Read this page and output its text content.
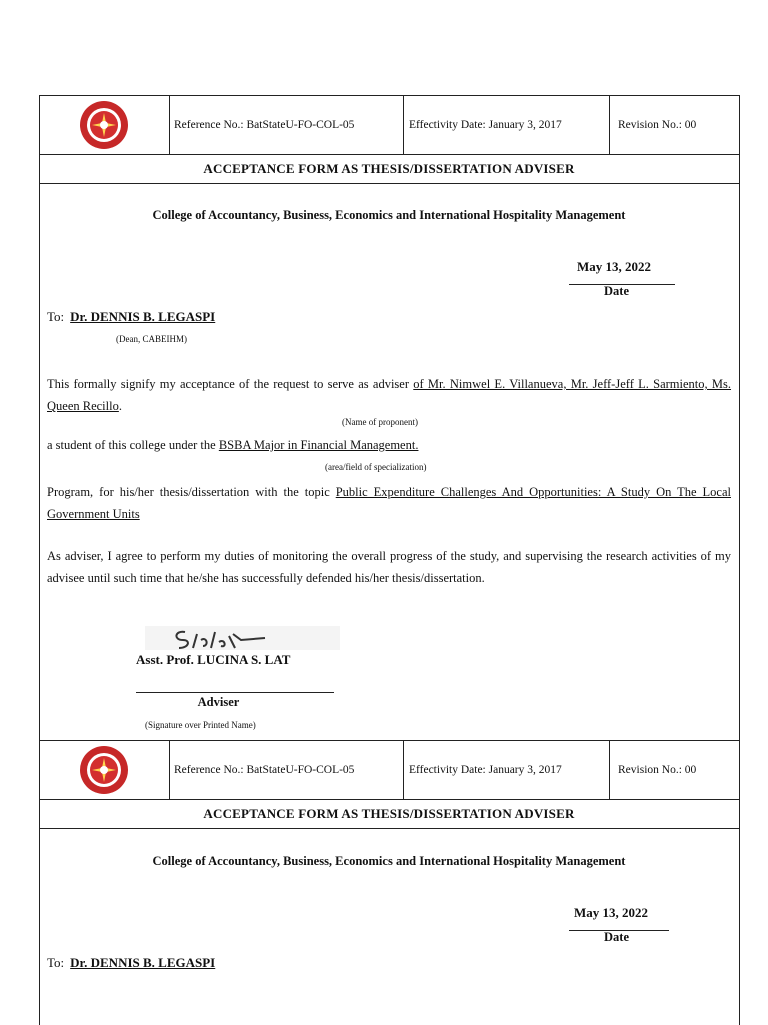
Reference No.: BatStateU-FO-COL-05	Effectivity Date: January 3, 2017	Revision No.: 00
ACCEPTANCE FORM AS THESIS/DISSERTATION ADVISER
College of Accountancy, Business, Economics and International Hospitality Management
May 13, 2022
Date
To: Dr. DENNIS B. LEGASPI
(Dean, CABEIHM)
This formally signify my acceptance of the request to serve as adviser of Mr. Nimwel E. Villanueva, Mr. Jeff-Jeff L. Sarmiento, Ms. Queen Recillo.
(Name of proponent)
a student of this college under the BSBA Major in Financial Management.
(area/field of specialization)
Program, for his/her thesis/dissertation with the topic Public Expenditure Challenges And Opportunities: A Study On The Local Government Units
As adviser, I agree to perform my duties of monitoring the overall progress of the study, and supervising the research activities of my advisee until such time that he/she has successfully defended his/her thesis/dissertation.
Asst. Prof. LUCINA S. LAT
Adviser
(Signature over Printed Name)
Reference No.: BatStateU-FO-COL-05	Effectivity Date: January 3, 2017	Revision No.: 00
ACCEPTANCE FORM AS THESIS/DISSERTATION ADVISER
College of Accountancy, Business, Economics and International Hospitality Management
May 13, 2022
Date
To: Dr. DENNIS B. LEGASPI
